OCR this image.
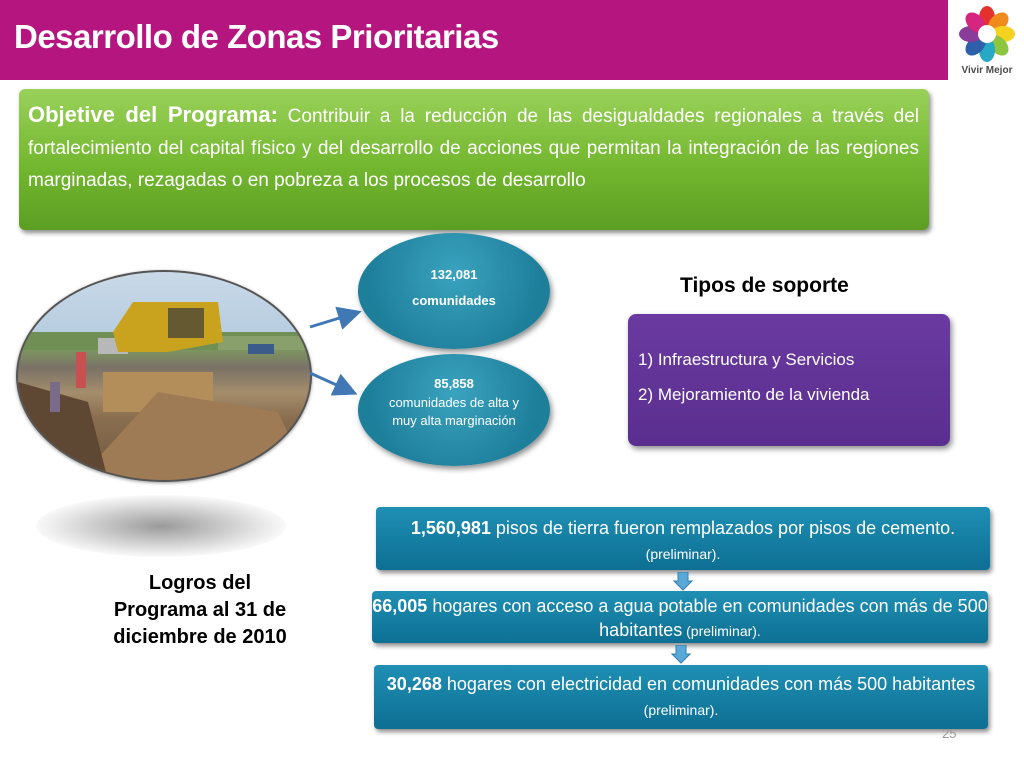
Desarrollo de Zonas Prioritarias
Vivir Mejor
Objetive del Programa: Contribuir a la reducción de las desigualdades regionales a través del fortalecimiento del capital físico y del desarrollo de acciones que permitan la integración de las regiones marginadas, rezagadas o en pobreza a los procesos de desarrollo
132,081
comunidades
85,858
comunidades de alta y muy alta marginación
Tipos de soporte
1) Infraestructura y Servicios
2) Mejoramiento de la vivienda
Logros del Programa al 31 de diciembre de 2010
1,560,981 pisos de tierra fueron remplazados por pisos de cemento. (preliminar).
66,005 hogares con acceso a agua potable en comunidades con más de 500 habitantes (preliminar).
30,268 hogares con electricidad en comunidades con más 500 habitantes (preliminar).
25
